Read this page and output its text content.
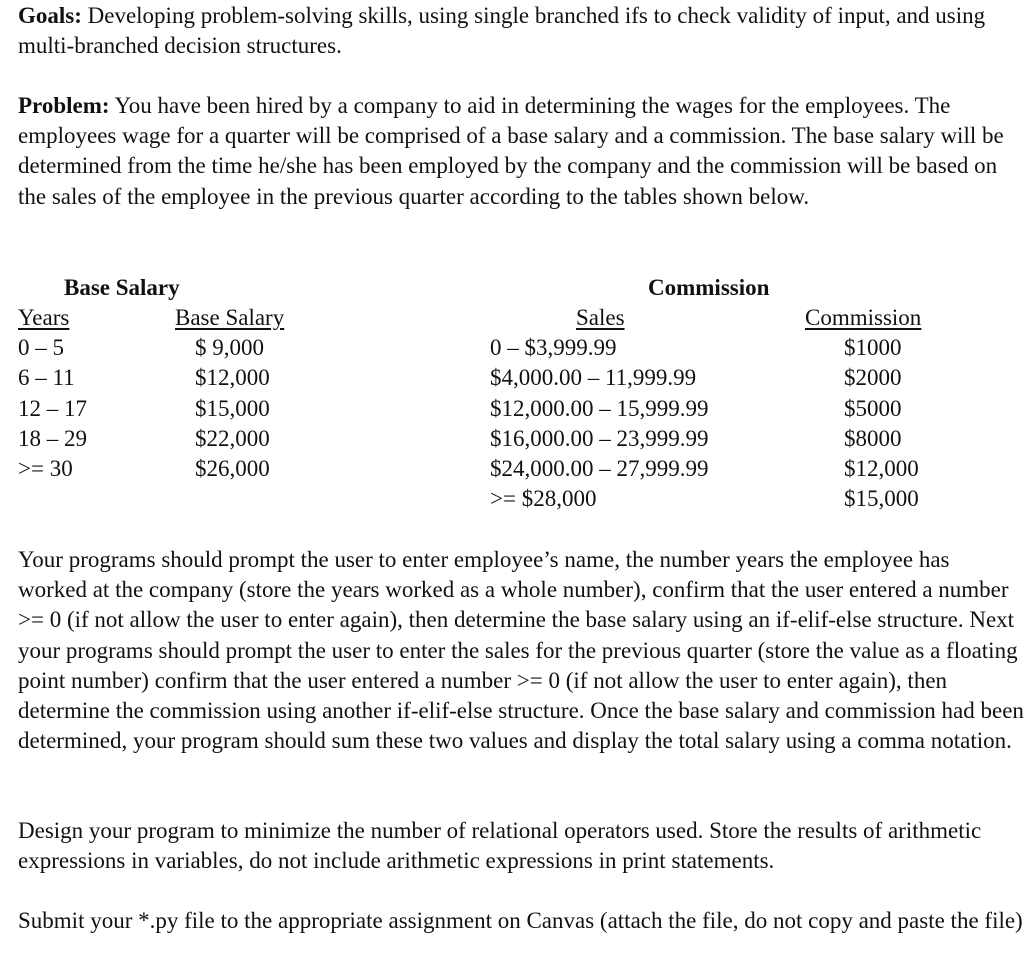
Goals: Developing problem-solving skills, using single branched ifs to check validity of input, and using multi-branched decision structures.

Problem: You have been hired by a company to aid in determining the wages for the employees. The employees wage for a quarter will be comprised of a base salary and a commission. The base salary will be determined from the time he/she has been employed by the company and the commission will be based on the sales of the employee in the previous quarter according to the tables shown below.

Base Salary
Years
0 – 5
6 – 11
12 – 17
18 – 29
>= 30
Base Salary
$ 9,000
$12,000
$15,000
$22,000
$26,000
Commission
Sales
0 – $3,999.99
$4,000.00 – 11,999.99
$12,000.00 – 15,999.99
$16,000.00 – 23,999.99
$24,000.00 – 27,999.99
>= $28,000
Commission
$1000
$2000
$5000
$8000
$12,000
$15,000

Your programs should prompt the user to enter employee’s name, the number years the employee has worked at the company (store the years worked as a whole number), confirm that the user entered a number >= 0 (if not allow the user to enter again), then determine the base salary using an if-elif-else structure. Next your programs should prompt the user to enter the sales for the previous quarter (store the value as a floating point number) confirm that the user entered a number >= 0 (if not allow the user to enter again), then determine the commission using another if-elif-else structure. Once the base salary and commission had been determined, your program should sum these two values and display the total salary using a comma notation.

Design your program to minimize the number of relational operators used. Store the results of arithmetic expressions in variables, do not include arithmetic expressions in print statements.

Submit your *.py file to the appropriate assignment on Canvas (attach the file, do not copy and paste the file)
